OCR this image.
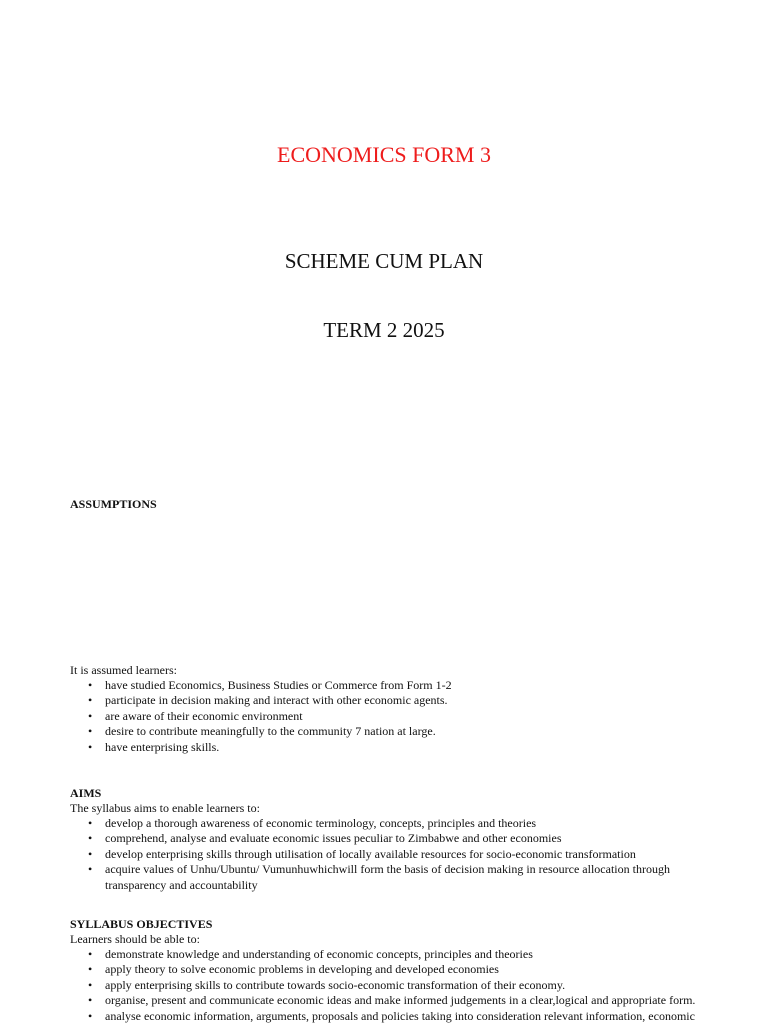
ECONOMICS FORM 3
SCHEME CUM PLAN
TERM 2 2025

ASSUMPTIONS

It is assumed learners:

• have studied Economics, Business Studies or Commerce from Form 1-2
• participate in decision making and interact with other economic agents.
• are aware of their economic environment
• desire to contribute meaningfully to the community 7 nation at large.
• have enterprising skills.

AIMS

The syllabus aims to enable learners to:

• develop a thorough awareness of economic terminology, concepts, principles and theories
• comprehend, analyse and evaluate economic issues peculiar to Zimbabwe and other economies
• develop enterprising skills through utilisation of locally available resources for socio-economic transformation
• acquire values of Unhu/Ubuntu/ Vumunhuwhichwill form the basis of decision making in resource allocation through transparency and accountability

SYLLABUS OBJECTIVES

Learners should be able to:

• demonstrate knowledge and understanding of economic concepts, principles and theories
• apply theory to solve economic problems in developing and developed economies
• apply enterprising skills to contribute towards socio-economic transformation of their economy.
• organise, present and communicate economic ideas and make informed judgements in a clear,logical and appropriate form.
• analyse economic information, arguments, proposals and policies taking into consideration relevant information, economic
